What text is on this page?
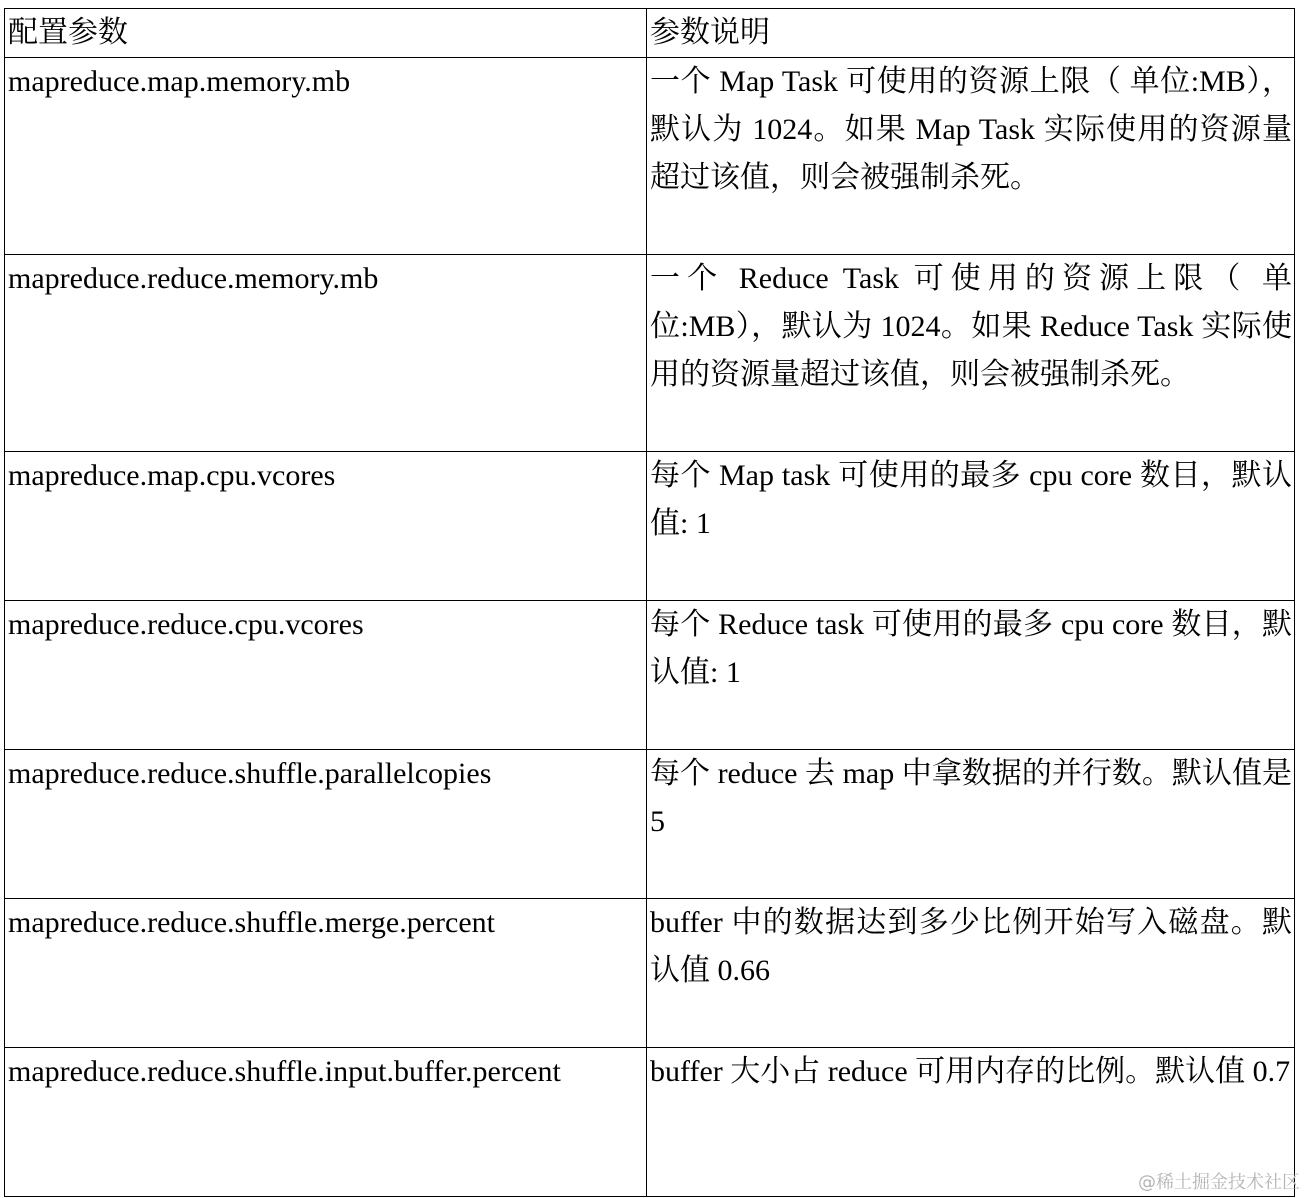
配置参数	参数说明
mapreduce.map.memory.mb	一个 Map Task 可使用的资源上限（ 单位:MB），默认为 1024。如果 Map Task 实际使用的资源量超过该值，则会被强制杀死。
mapreduce.reduce.memory.mb	一个 Reduce Task 可使用的资源上限（ 单位:MB），默认为 1024。如果 Reduce Task 实际使用的资源量超过该值，则会被强制杀死。
mapreduce.map.cpu.vcores	每个 Map task 可使用的最多 cpu core 数目，默认值: 1
mapreduce.reduce.cpu.vcores	每个 Reduce task 可使用的最多 cpu core 数目，默认值: 1
mapreduce.reduce.shuffle.parallelcopies	每个 reduce 去 map 中拿数据的并行数。默认值是 5
mapreduce.reduce.shuffle.merge.percent	buffer 中的数据达到多少比例开始写入磁盘。默认值 0.66
mapreduce.reduce.shuffle.input.buffer.percent	buffer 大小占 reduce 可用内存的比例。默认值 0.7
@稀土掘金技术社区
